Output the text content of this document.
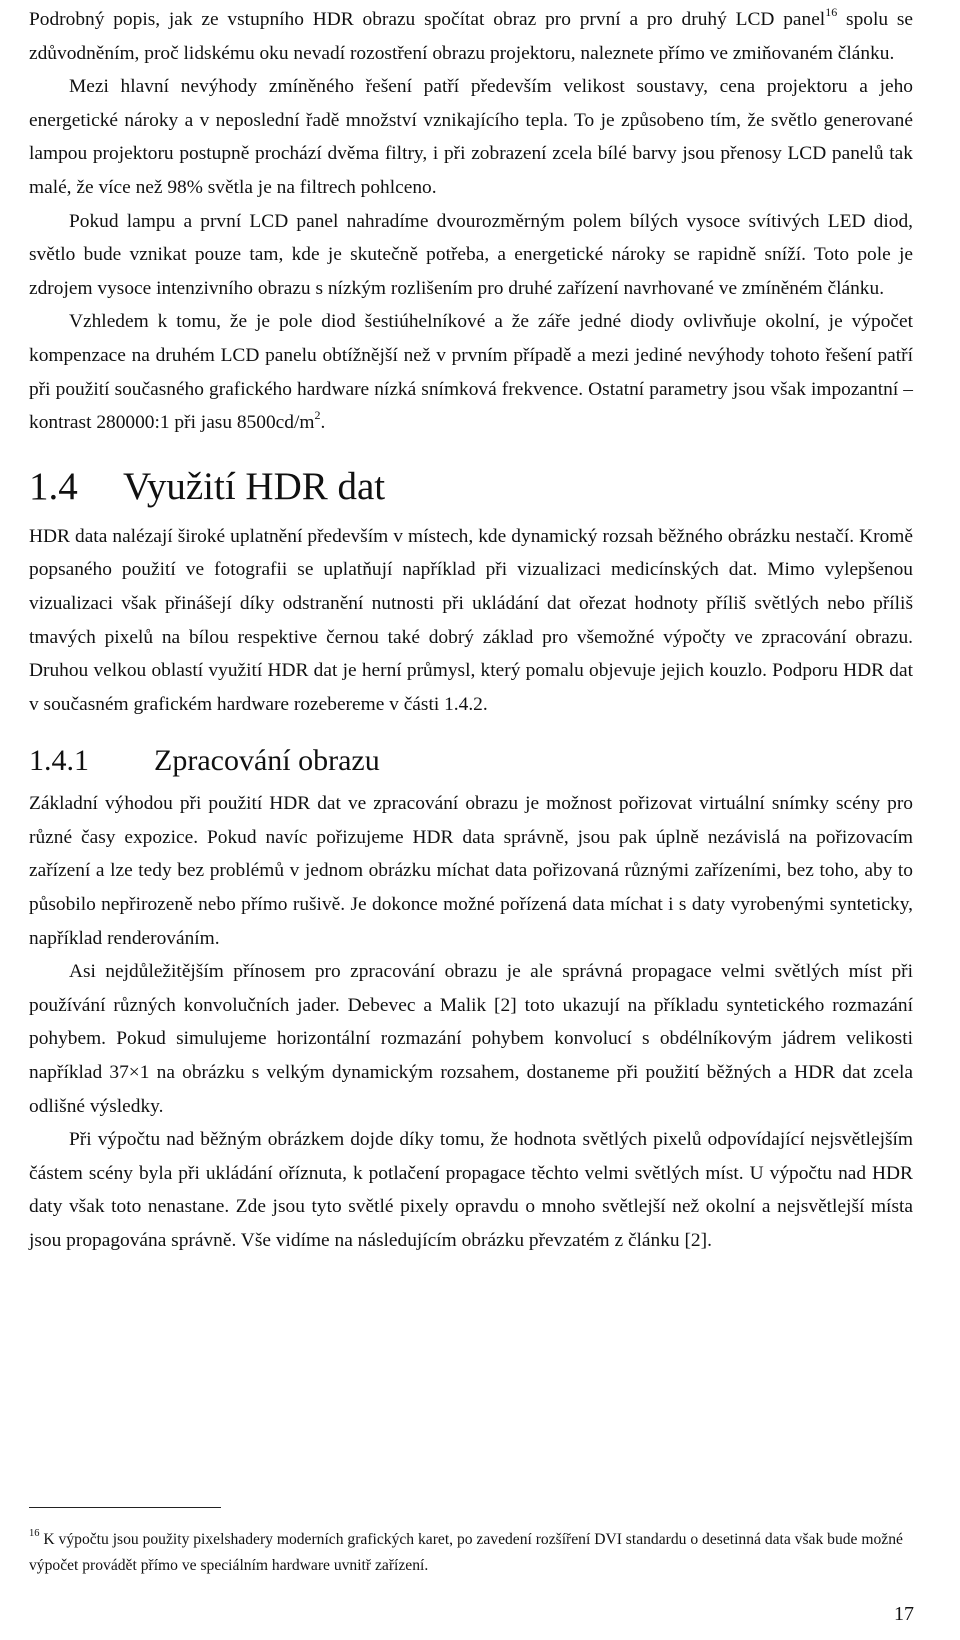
Podrobný popis, jak ze vstupního HDR obrazu spočítat obraz pro první a pro druhý LCD panel$^{16}$ spolu se zdůvodněním, proč lidskému oku nevadí rozostření obrazu projektoru, naleznete přímo ve zmiňovaném článku.

Mezi hlavní nevýhody zmíněného řešení patří především velikost soustavy, cena projektoru a jeho energetické nároky a v neposlední řadě množství vznikajícího tepla. To je způsobeno tím, že světlo generované lampou projektoru postupně prochází dvěma filtry, i při zobrazení zcela bílé barvy jsou přenosy LCD panelů tak malé, že více než 98% světla je na filtrech pohlceno.

Pokud lampu a první LCD panel nahradíme dvourozměrným polem bílých vysoce svítivých LED diod, světlo bude vznikat pouze tam, kde je skutečně potřeba, a energetické nároky se rapidně sníží. Toto pole je zdrojem vysoce intenzivního obrazu s nízkým rozlišením pro druhé zařízení navrhované ve zmíněném článku.

Vzhledem k tomu, že je pole diod šestiúhelníkové a že záře jedné diody ovlivňuje okolní, je výpočet kompenzace na druhém LCD panelu obtížnější než v prvním případě a mezi jediné nevýhody tohoto řešení patří při použití současného grafického hardware nízká snímková frekvence. Ostatní parametry jsou však impozantní – kontrast 280000:1 při jasu $8500cd/m^2$.

1.4 Využití HDR dat

HDR data nalézají široké uplatnění především v místech, kde dynamický rozsah běžného obrázku nestačí. Kromě popsaného použití ve fotografii se uplatňují například při vizualizaci medicínských dat. Mimo vylepšenou vizualizaci však přinášejí díky odstranění nutnosti při ukládání dat ořezat hodnoty příliš světlých nebo příliš tmavých pixelů na bílou respektive černou také dobrý základ pro všemožné výpočty ve zpracování obrazu. Druhou velkou oblastí využití HDR dat je herní průmysl, který pomalu objevuje jejich kouzlo. Podporu HDR dat v současném grafickém hardware rozebereme v části 1.4.2.

1.4.1 Zpracování obrazu

Základní výhodou při použití HDR dat ve zpracování obrazu je možnost pořizovat virtuální snímky scény pro různé časy expozice. Pokud navíc pořizujeme HDR data správně, jsou pak úplně nezávislá na pořizovacím zařízení a lze tedy bez problémů v jednom obrázku míchat data pořizovaná různými zařízeními, bez toho, aby to působilo nepřirozeně nebo přímo rušivě. Je dokonce možné pořízená data míchat i s daty vyrobenými synteticky, například renderováním.

Asi nejdůležitějším přínosem pro zpracování obrazu je ale správná propagace velmi světlých míst při používání různých konvolučních jader. Debevec a Malik [2] toto ukazují na příkladu syntetického rozmazání pohybem. Pokud simulujeme horizontální rozmazání pohybem konvolucí s obdélníkovým jádrem velikosti například 37×1 na obrázku s velkým dynamickým rozsahem, dostaneme při použití běžných a HDR dat zcela odlišné výsledky.

Při výpočtu nad běžným obrázkem dojde díky tomu, že hodnota světlých pixelů odpovídající nejsvětlejším částem scény byla při ukládání oříznuta, k potlačení propagace těchto velmi světlých míst. U výpočtu nad HDR daty však toto nenastane. Zde jsou tyto světlé pixely opravdu o mnoho světlejší než okolní a nejsvětlejší místa jsou propagována správně. Vše vidíme na následujícím obrázku převzatém z článku [2].

$^{16}$ K výpočtu jsou použity pixelshadery moderních grafických karet, po zavedení rozšíření DVI standardu o desetinná data však bude možné výpočet provádět přímo ve speciálním hardware uvnitř zařízení.
17
